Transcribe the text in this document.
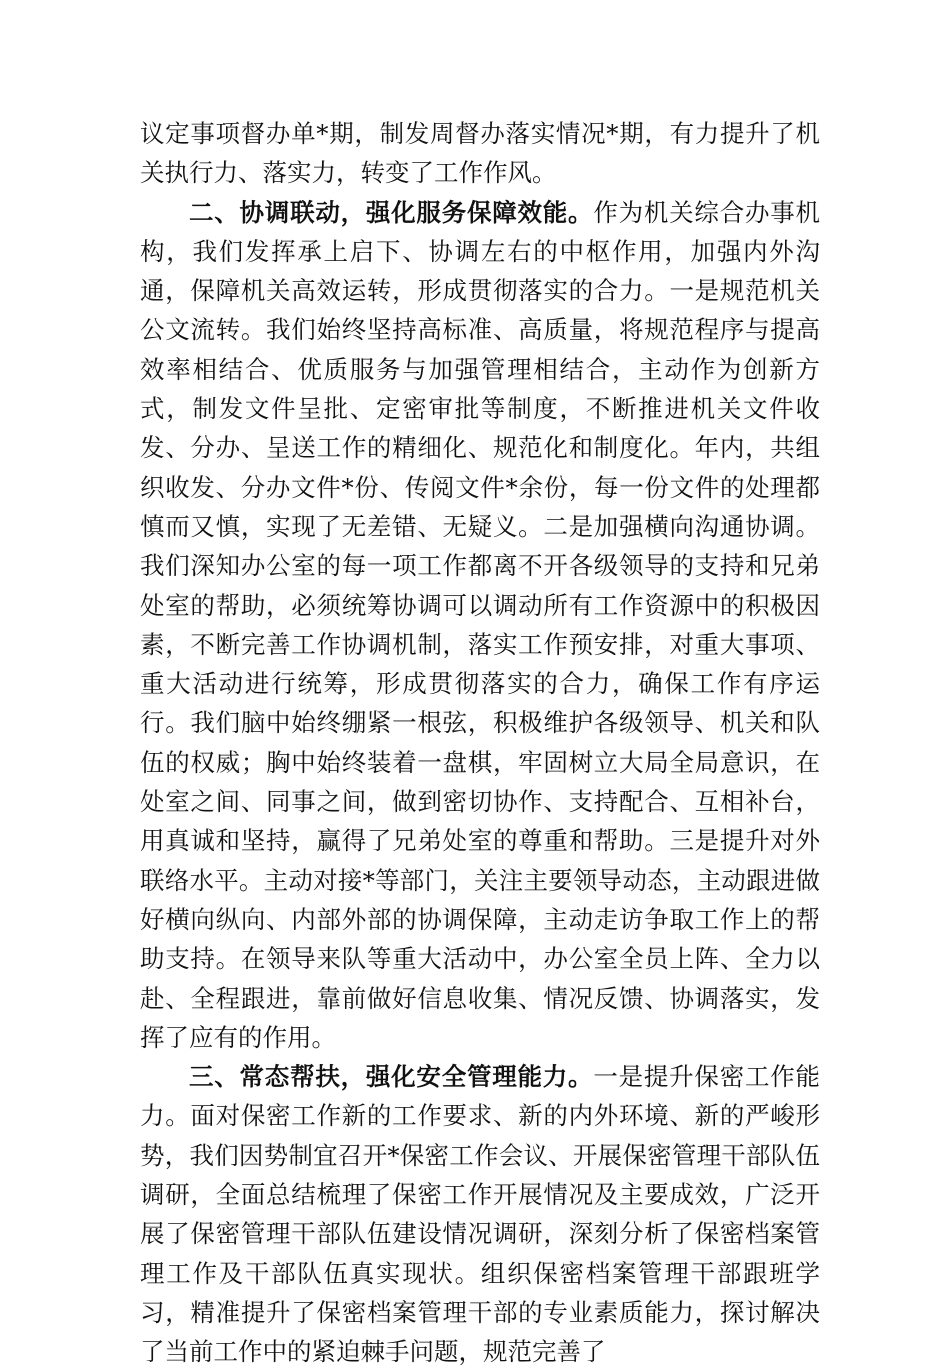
议定事项督办单*期，制发周督办落实情况*期，有力提升了机关执行力、落实力，转变了工作作风。

二、协调联动，强化服务保障效能。作为机关综合办事机构，我们发挥承上启下、协调左右的中枢作用，加强内外沟通，保障机关高效运转，形成贯彻落实的合力。一是规范机关公文流转。我们始终坚持高标准、高质量，将规范程序与提高效率相结合、优质服务与加强管理相结合，主动作为创新方式，制发文件呈批、定密审批等制度，不断推进机关文件收发、分办、呈送工作的精细化、规范化和制度化。年内，共组织收发、分办文件*份、传阅文件*余份，每一份文件的处理都慎而又慎，实现了无差错、无疑义。二是加强横向沟通协调。我们深知办公室的每一项工作都离不开各级领导的支持和兄弟处室的帮助，必须统筹协调可以调动所有工作资源中的积极因素，不断完善工作协调机制，落实工作预安排，对重大事项、重大活动进行统筹，形成贯彻落实的合力，确保工作有序运行。我们脑中始终绷紧一根弦，积极维护各级领导、机关和队伍的权威；胸中始终装着一盘棋，牢固树立大局全局意识，在处室之间、同事之间，做到密切协作、支持配合、互相补台，用真诚和坚持，赢得了兄弟处室的尊重和帮助。三是提升对外联络水平。主动对接*等部门，关注主要领导动态，主动跟进做好横向纵向、内部外部的协调保障，主动走访争取工作上的帮助支持。在领导来队等重大活动中，办公室全员上阵、全力以赴、全程跟进，靠前做好信息收集、情况反馈、协调落实，发挥了应有的作用。

三、常态帮扶，强化安全管理能力。一是提升保密工作能力。面对保密工作新的工作要求、新的内外环境、新的严峻形势，我们因势制宜召开*保密工作会议、开展保密管理干部队伍调研，全面总结梳理了保密工作开展情况及主要成效，广泛开展了保密管理干部队伍建设情况调研，深刻分析了保密档案管理工作及干部队伍真实现状。组织保密档案管理干部跟班学习，精准提升了保密档案管理干部的专业素质能力，探讨解决了当前工作中的紧迫棘手问题，规范完善了
